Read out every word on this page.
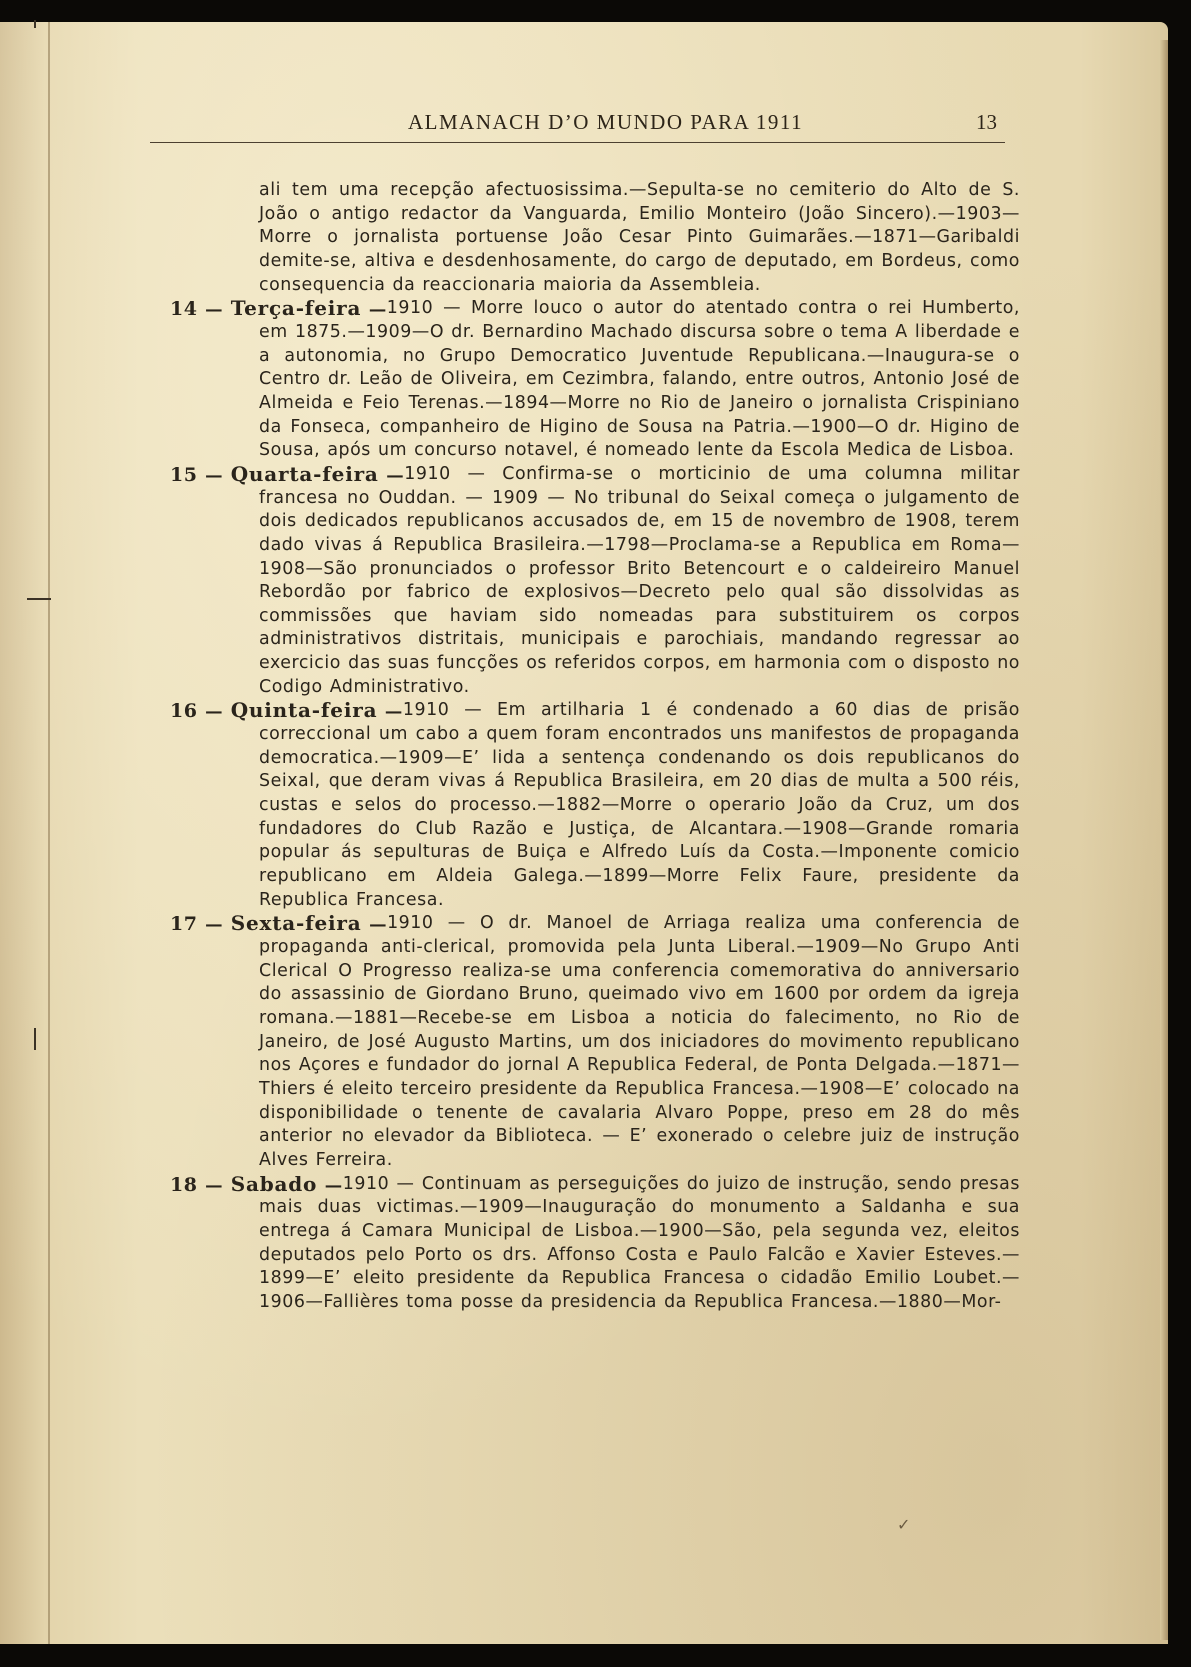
ALMANACH D’O MUNDO PARA 1911	13

ali tem uma recepção afectuosissima.—Sepulta-se no cemiterio do Alto de S. João o antigo redactor da Vanguarda, Emilio Monteiro (João Sincero).—1903—Morre o jornalista portuense João Cesar Pinto Guimarães.—1871—Garibaldi demite-se, altiva e desdenhosamente, do cargo de deputado, em Bordeus, como consequencia da reaccionaria maioria da Assembleia.

14 — Terça-feira — 1910 — Morre louco o autor do atentado contra o rei Humberto, em 1875.—1909—O dr. Bernardino Machado discursa sobre o tema A liberdade e a autonomia, no Grupo Democratico Juventude Republicana.—Inaugura-se o Centro dr. Leão de Oliveira, em Cezimbra, falando, entre outros, Antonio José de Almeida e Feio Terenas.—1894—Morre no Rio de Janeiro o jornalista Crispiniano da Fonseca, companheiro de Higino de Sousa na Patria.—1900—O dr. Higino de Sousa, após um concurso notavel, é nomeado lente da Escola Medica de Lisboa.

15 — Quarta-feira — 1910 — Confirma-se o morticinio de uma columna militar francesa no Ouddan. — 1909 — No tribunal do Seixal começa o julgamento de dois dedicados republicanos accusados de, em 15 de novembro de 1908, terem dado vivas á Republica Brasileira.—1798—Proclama-se a Republica em Roma—1908—São pronunciados o professor Brito Betencourt e o caldeireiro Manuel Rebordão por fabrico de explosivos—Decreto pelo qual são dissolvidas as commissões que haviam sido nomeadas para substituirem os corpos administrativos distritais, municipais e parochiais, mandando regressar ao exercicio das suas funcções os referidos corpos, em harmonia com o disposto no Codigo Administrativo.

16 — Quinta-feira — 1910 — Em artilharia 1 é condenado a 60 dias de prisão correccional um cabo a quem foram encontrados uns manifestos de propaganda democratica.—1909—E’ lida a sentença condenando os dois republicanos do Seixal, que deram vivas á Republica Brasileira, em 20 dias de multa a 500 réis, custas e selos do processo.—1882—Morre o operario João da Cruz, um dos fundadores do Club Razão e Justiça, de Alcantara.—1908—Grande romaria popular ás sepulturas de Buiça e Alfredo Luís da Costa.—Imponente comicio republicano em Aldeia Galega.—1899—Morre Felix Faure, presidente da Republica Francesa.

17 — Sexta-feira — 1910 — O dr. Manoel de Arriaga realiza uma conferencia de propaganda anti-clerical, promovida pela Junta Liberal.—1909—No Grupo Anti Clerical O Progresso realiza-se uma conferencia comemorativa do anniversario do assassinio de Giordano Bruno, queimado vivo em 1600 por ordem da igreja romana.—1881—Recebe-se em Lisboa a noticia do falecimento, no Rio de Janeiro, de José Augusto Martins, um dos iniciadores do movimento republicano nos Açores e fundador do jornal A Republica Federal, de Ponta Delgada.—1871—Thiers é eleito terceiro presidente da Republica Francesa.—1908—E’ colocado na disponibilidade o tenente de cavalaria Alvaro Poppe, preso em 28 do mês anterior no elevador da Biblioteca. — E’ exonerado o celebre juiz de instrução Alves Ferreira.

18 — Sabado — 1910 — Continuam as perseguições do juizo de instrução, sendo presas mais duas victimas.—1909—Inauguração do monumento a Saldanha e sua entrega á Camara Municipal de Lisboa.—1900—São, pela segunda vez, eleitos deputados pelo Porto os drs. Affonso Costa e Paulo Falcão e Xavier Esteves.—1899—E’ eleito presidente da Republica Francesa o cidadão Emilio Loubet.—1906—Fallières toma posse da presidencia da Republica Francesa.—1880—Mor-

✓
